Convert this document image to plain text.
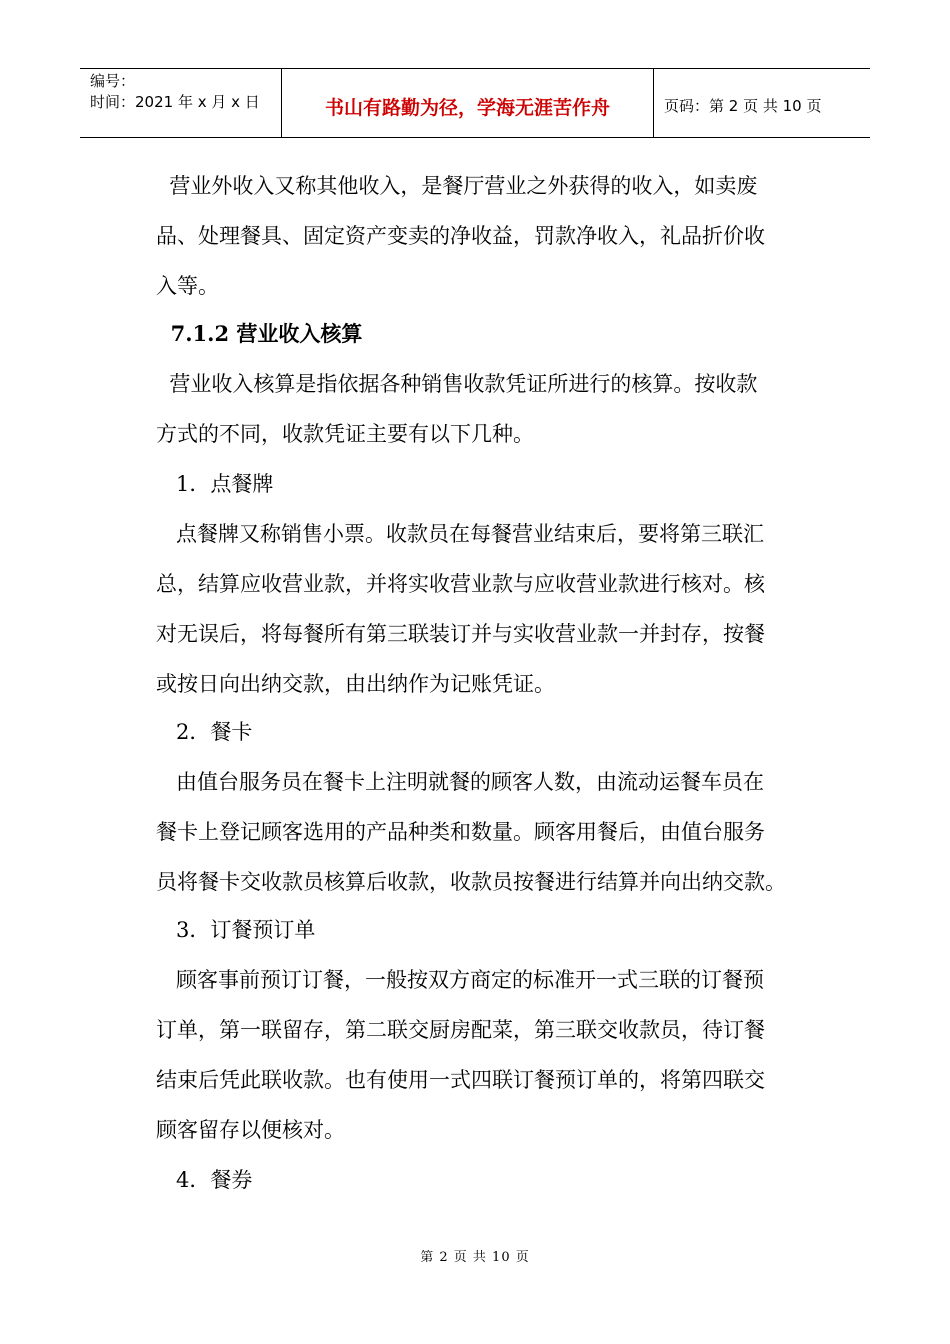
编号：
时间：2021 年 x 月 x 日	书山有路勤为径，学海无涯苦作舟	页码：第 2 页 共 10 页
营业外收入又称其他收入，是餐厅营业之外获得的收入，如卖废
品、处理餐具、固定资产变卖的净收益，罚款净收入，礼品折价收
入等。
7.1.2 营业收入核算
营业收入核算是指依据各种销售收款凭证所进行的核算。按收款
方式的不同，收款凭证主要有以下几种。
1．点餐牌
点餐牌又称销售小票。收款员在每餐营业结束后，要将第三联汇
总，结算应收营业款，并将实收营业款与应收营业款进行核对。核
对无误后，将每餐所有第三联装订并与实收营业款一并封存，按餐
或按日向出纳交款，由出纳作为记账凭证。
2．餐卡
由值台服务员在餐卡上注明就餐的顾客人数，由流动运餐车员在
餐卡上登记顾客选用的产品种类和数量。顾客用餐后，由值台服务
员将餐卡交收款员核算后收款，收款员按餐进行结算并向出纳交款。
3．订餐预订单
顾客事前预订订餐，一般按双方商定的标准开一式三联的订餐预
订单，第一联留存，第二联交厨房配菜，第三联交收款员，待订餐
结束后凭此联收款。也有使用一式四联订餐预订单的，将第四联交
顾客留存以便核对。
4．餐券
第 2 页 共 10 页
